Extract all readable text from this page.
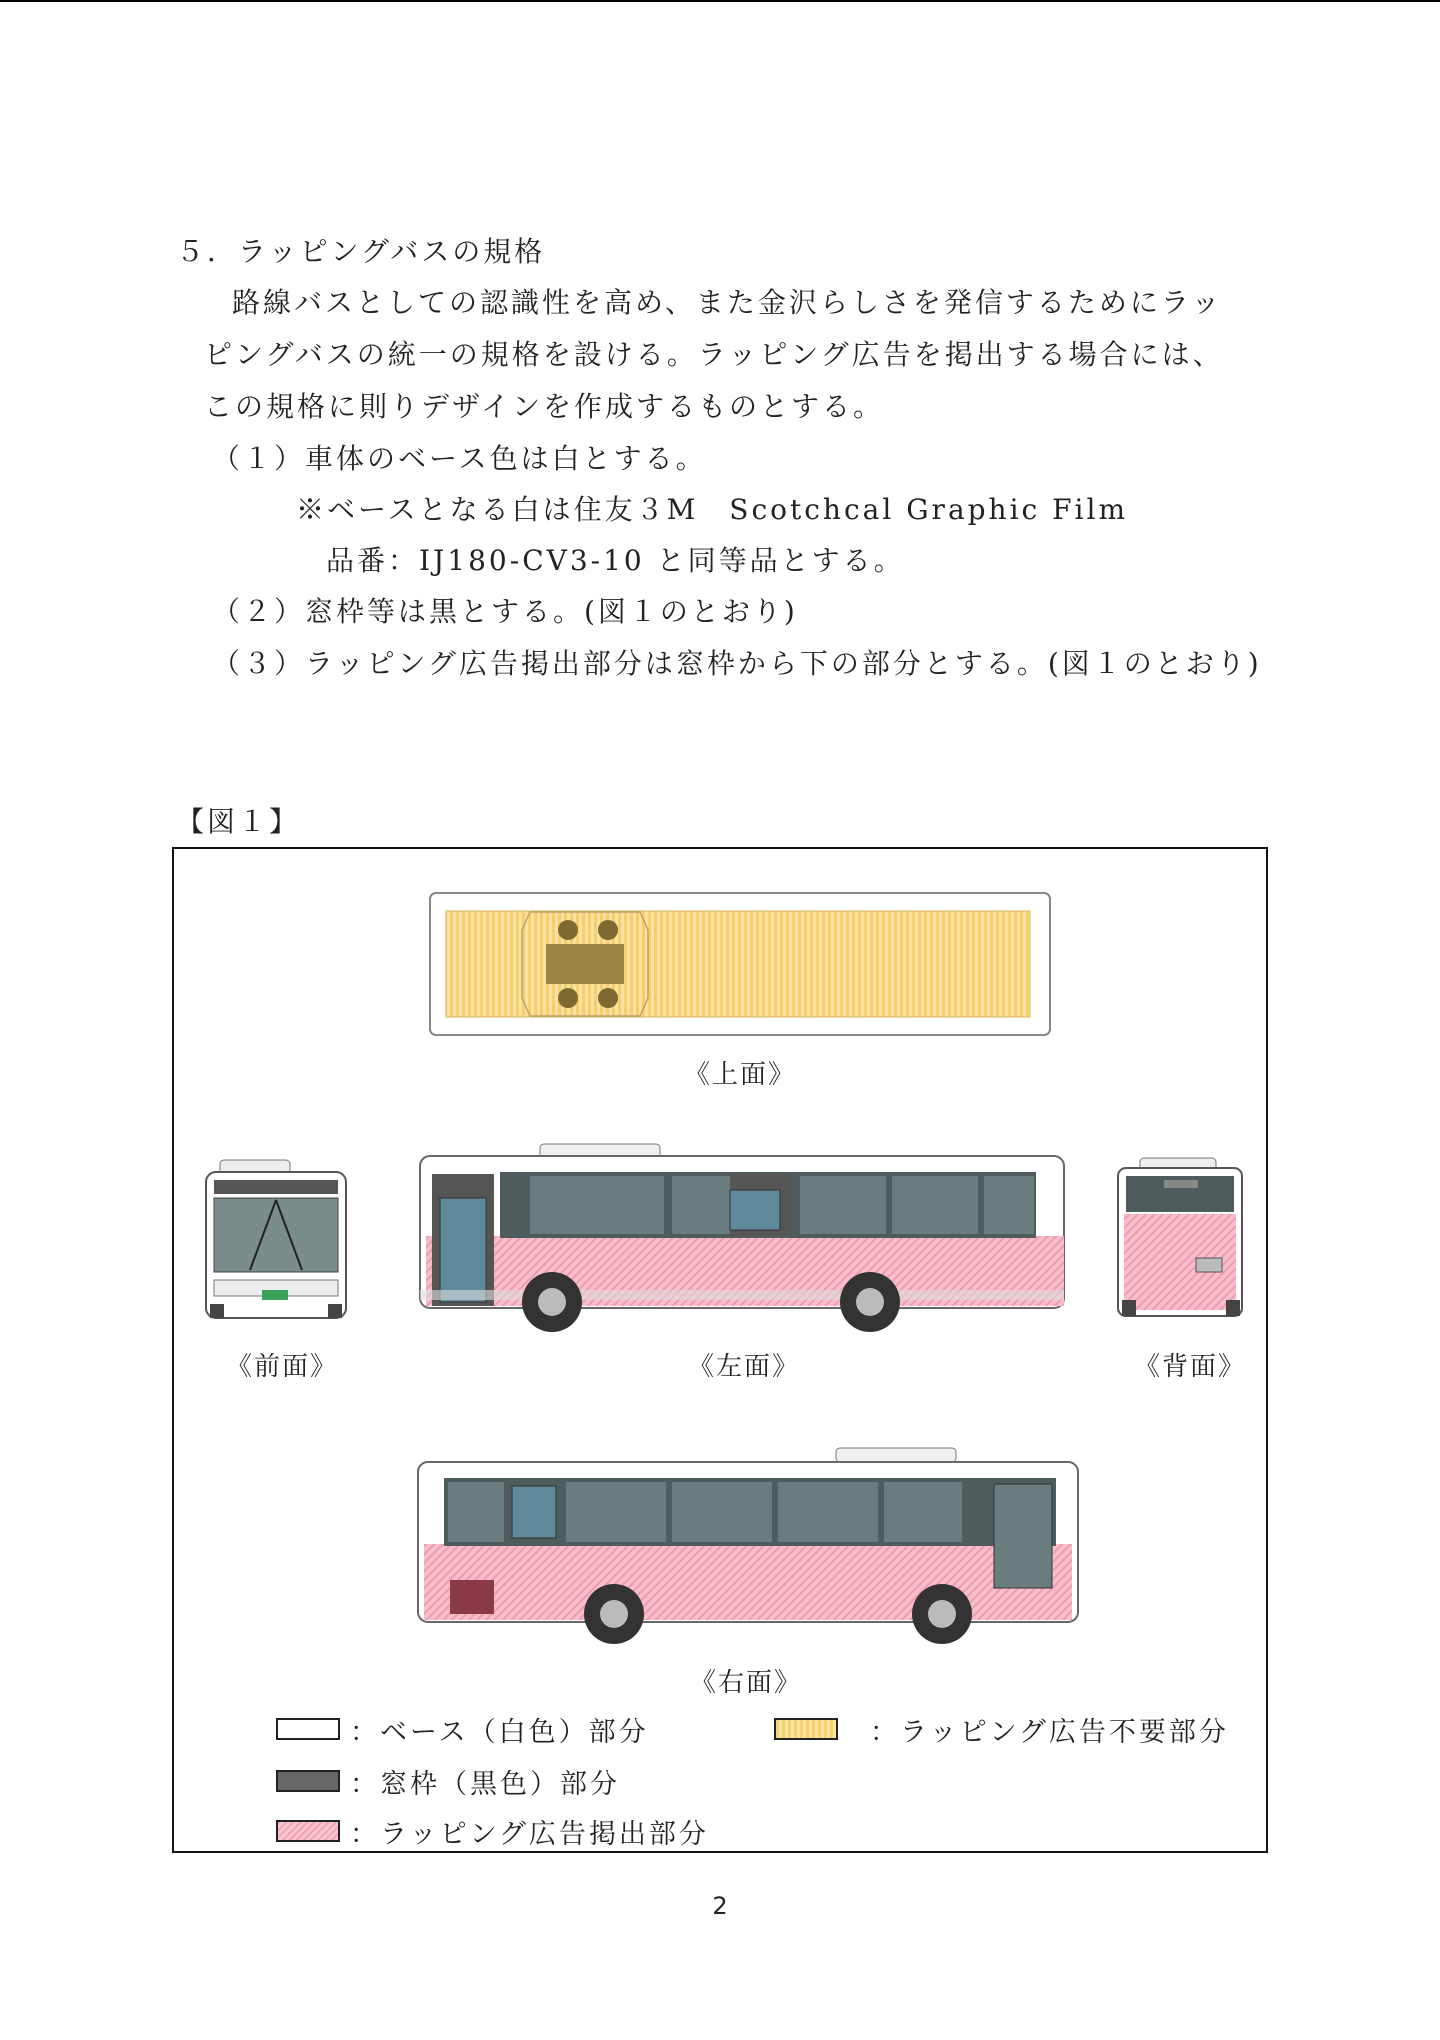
５．ラッピングバスの規格
路線バスとしての認識性を高め、また金沢らしさを発信するためにラッ
ピングバスの統一の規格を設ける。ラッピング広告を掲出する場合には、
この規格に則りデザインを作成するものとする。
（１）車体のベース色は白とする。
※ベースとなる白は住友３M　Scotchcal Graphic Film
品番：IJ180-CV3-10 と同等品とする。
（２）窓枠等は黒とする。(図１のとおり)
（３）ラッピング広告掲出部分は窓枠から下の部分とする。(図１のとおり)
【図１】
《上面》
《前面》	《左面》	《背面》
《右面》
：ベース（白色）部分
：窓枠（黒色）部分
：ラッピング広告掲出部分
：ラッピング広告不要部分
2
